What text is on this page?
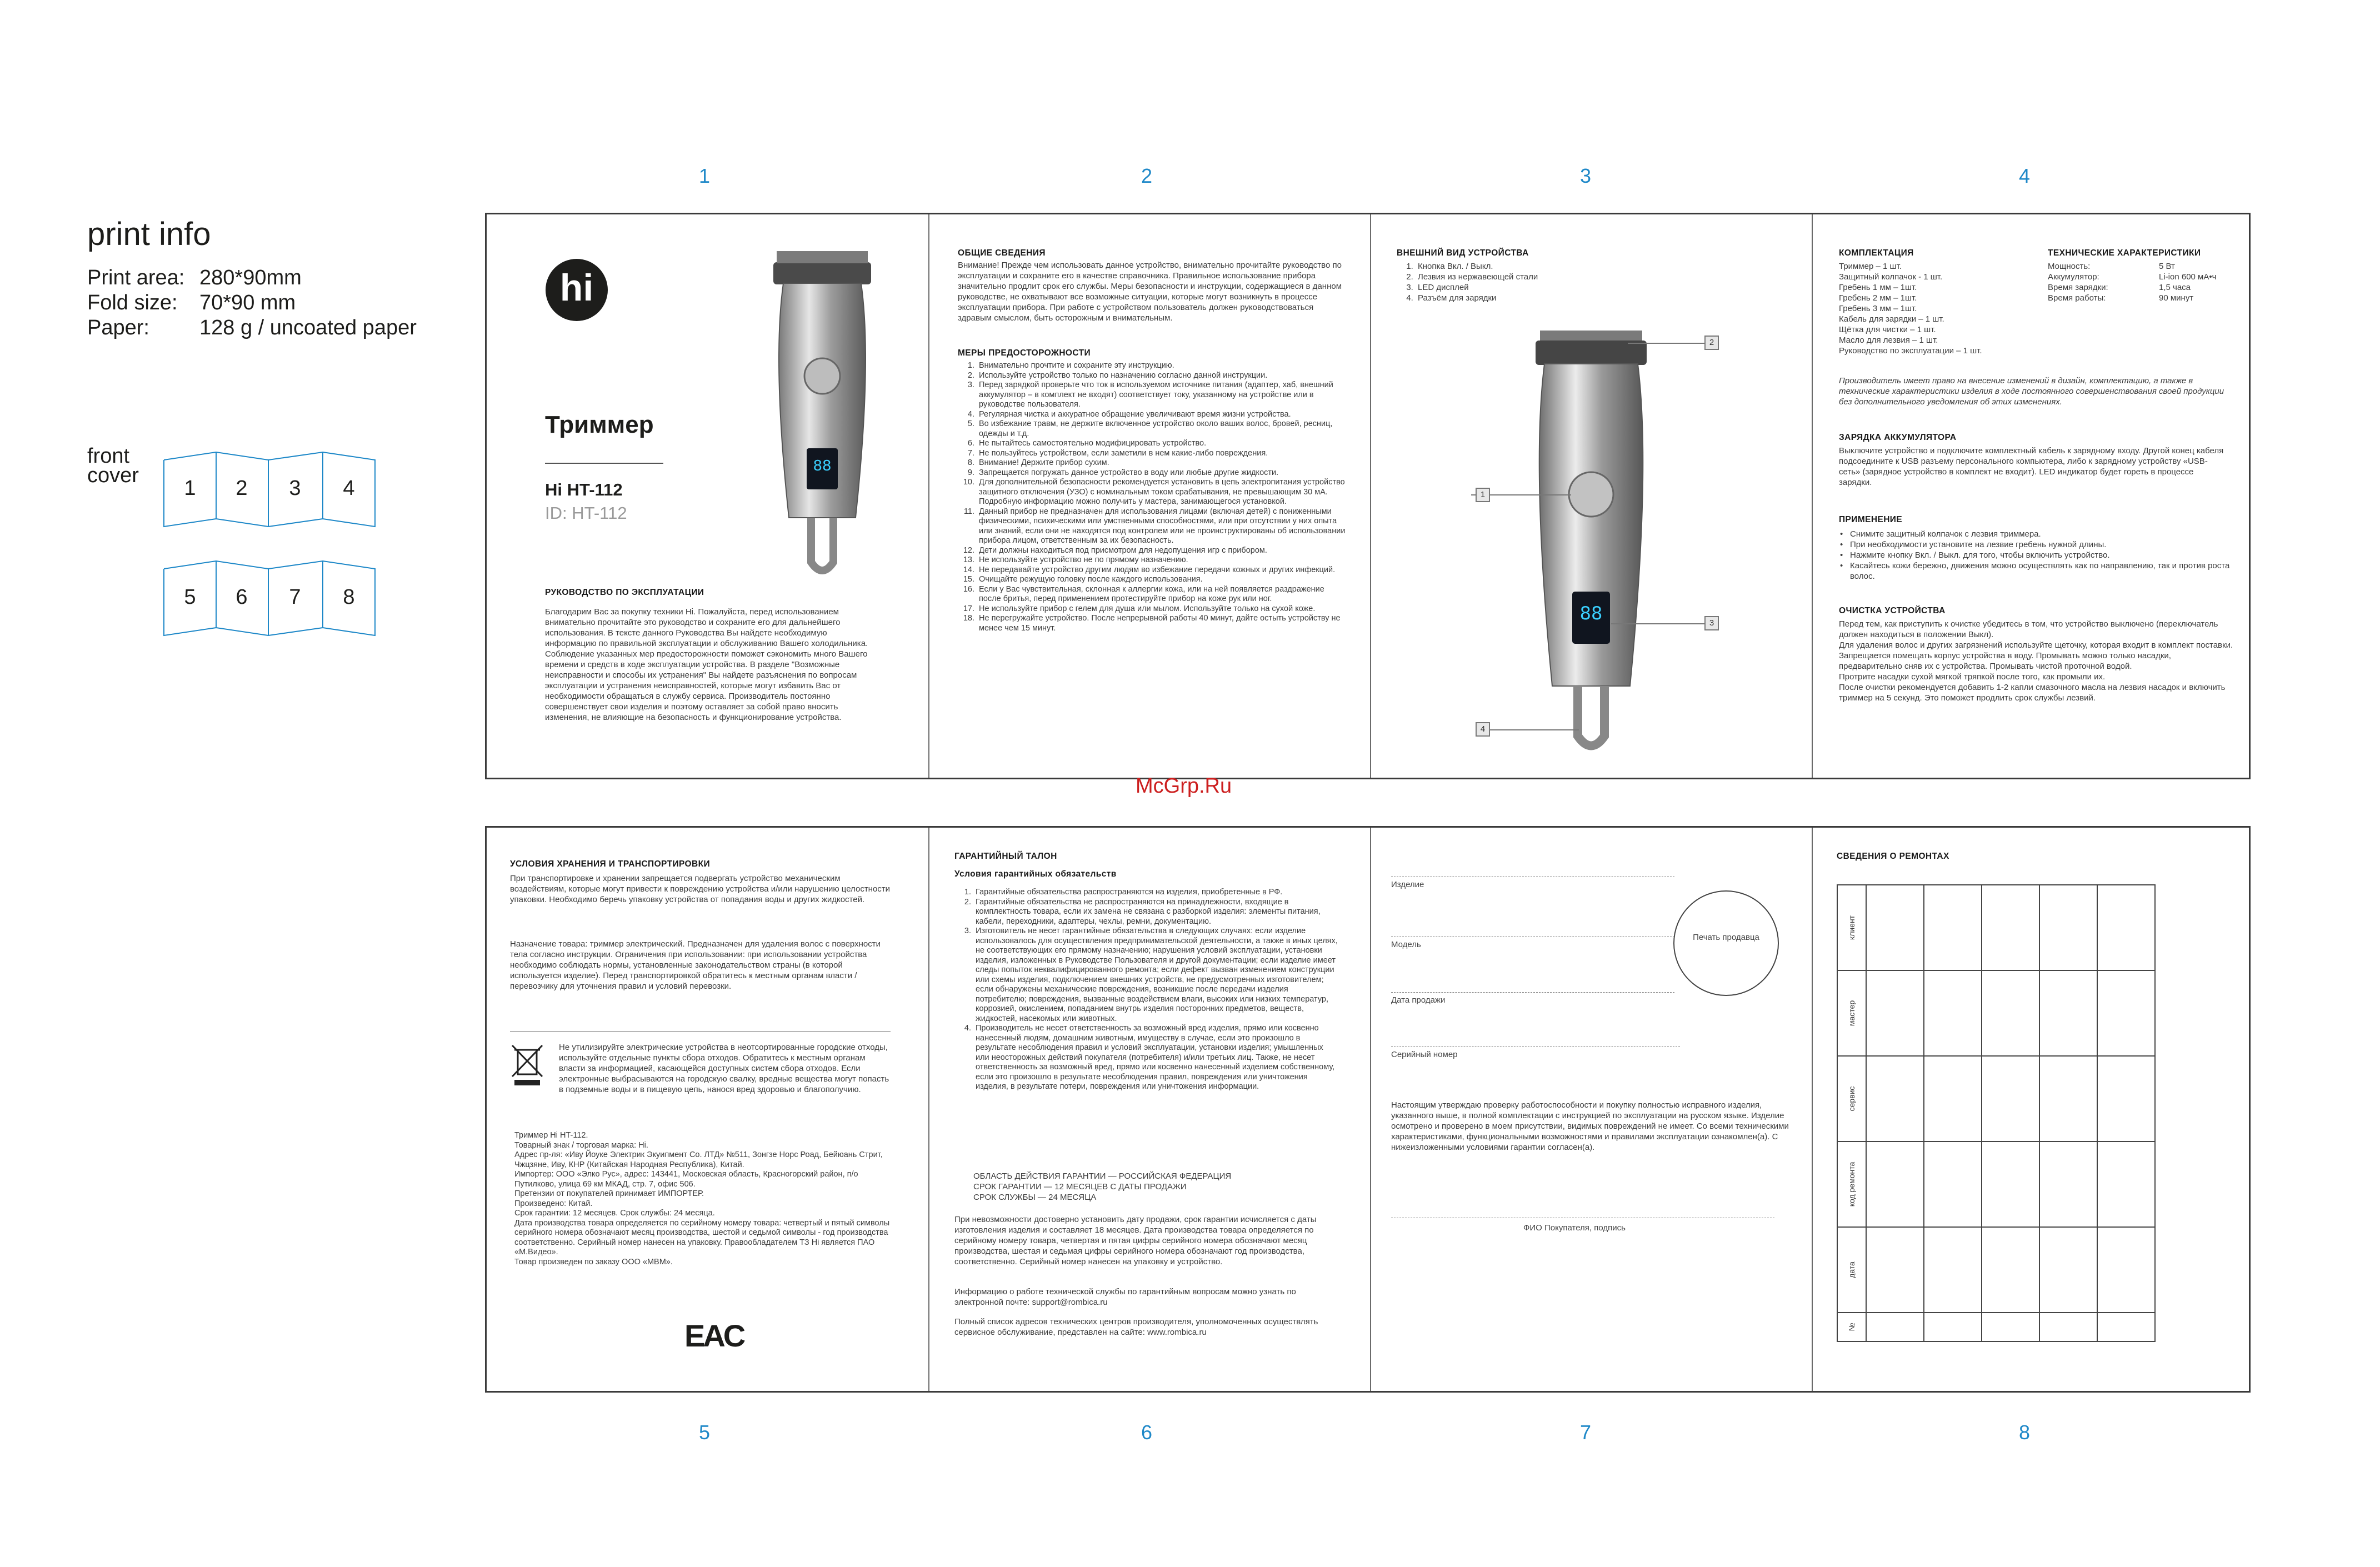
print info
Print area: 280*90mm
Fold size:	70*90 mm
Paper:	128 g / uncoated paper
front
cover
1 2 3 4
5 6 7 8
1	2	3	4
5	6	7	8
hi
Триммер
Hi HT-112
ID: HT-112
88
РУКОВОДСТВО ПО ЭКСПЛУАТАЦИИ
Благодарим Вас за покупку техники Hi. Пожалуйста, перед использованием внимательно прочитайте это руководство и сохраните его для дальнейшего использования. В тексте данного Руководства Вы найдете необходимую информацию по правильной эксплуатации и обслуживанию Вашего холодильника. Соблюдение указанных мер предосторожности поможет сэкономить много Вашего времени и средств в ходе эксплуатации устройства. В разделе "Возможные неисправности и способы их устранения" Вы найдете разъяснения по вопросам эксплуатации и устранения неисправностей, которые могут избавить Вас от необходимости обращаться в службу сервиса. Производитель постоянно совершенствует свои изделия и поэтому оставляет за собой право вносить изменения, не влияющие на безопасность и функционирование устройства.
ОБЩИЕ СВЕДЕНИЯ
Внимание! Прежде чем использовать данное устройство, внимательно прочитайте руководство по эксплуатации и сохраните его в качестве справочника. Правильное использование прибора значительно продлит срок его службы. Меры безопасности и инструкции, содержащиеся в данном руководстве, не охватывают все возможные ситуации, которые могут возникнуть в процессе эксплуатации прибора. При работе с устройством пользователь должен руководствоваться здравым смыслом, быть осторожным и внимательным.
МЕРЫ ПРЕДОСТОРОЖНОСТИ
1. Внимательно прочтите и сохраните эту инструкцию.
2. Используйте устройство только по назначению согласно данной инструкции.
3. Перед зарядкой проверьте что ток в используемом источнике питания (адаптер, хаб, внешний аккумулятор – в комплект не входят) соответствует току, указанному на устройстве или в руководстве пользователя.
4. Регулярная чистка и аккуратное обращение увеличивают время жизни устройства.
5. Во избежание травм, не держите включенное устройство около ваших волос, бровей, ресниц, одежды и т.д.
6. Не пытайтесь самостоятельно модифицировать устройство.
7. Не пользуйтесь устройством, если заметили в нем какие-либо повреждения.
8. Внимание! Держите прибор сухим.
9. Запрещается погружать данное устройство в воду или любые другие жидкости.
10. Для дополнительной безопасности рекомендуется установить в цепь электропитания устройство защитного отключения (УЗО) с номинальным током срабатывания, не превышающим 30 мА. Подробную информацию можно получить у мастера, занимающегося установкой.
11. Данный прибор не предназначен для использования лицами (включая детей) с пониженными физическими, психическими или умственными способностями, или при отсутствии у них опыта или знаний, если они не находятся под контролем или не проинструктированы об использовании прибора лицом, ответственным за их безопасность.
12. Дети должны находиться под присмотром для недопущения игр с прибором.
13. Не используйте устройство не по прямому назначению.
14. Не передавайте устройство другим людям во избежание передачи кожных и других инфекций.
15. Очищайте режущую головку после каждого использования.
16. Если у Вас чувствительная, склонная к аллергии кожа, или на ней появляется раздражение после бритья, перед применением протестируйте прибор на коже рук или ног.
17. Не используйте прибор с гелем для душа или мылом. Используйте только на сухой коже.
18. Не перегружайте устройство. После непрерывной работы 40 минут, дайте остыть устройству не менее чем 15 минут.
ВНЕШНИЙ ВИД УСТРОЙСТВА
1. Кнопка Вкл. / Выкл.
2. Лезвия из нержавеющей стали
3. LED дисплей
4. Разъём для зарядки
88
1
2
3
4
КОМПЛЕКТАЦИЯ
Триммер – 1 шт.
Защитный колпачок - 1 шт.
Гребень 1 мм – 1шт.
Гребень 2 мм – 1шт.
Гребень 3 мм – 1шт.
Кабель для зарядки – 1 шт.
Щётка для чистки – 1 шт.
Масло для лезвия – 1 шт.
Руководство по эксплуатации – 1 шт.
ТЕХНИЧЕСКИЕ ХАРАКТЕРИСТИКИ
Мощность:	5 Вт
Аккумулятор:	Li-ion 600 мА•ч
Время зарядки:	1,5 часа
Время работы:	90 минут
Производитель имеет право на внесение изменений в дизайн, комплектацию, а также в технические характеристики изделия в ходе постоянного совершенствования своей продукции без дополнительного уведомления об этих изменениях.
ЗАРЯДКА АККУМУЛЯТОРА
Выключите устройство и подключите комплектный кабель к зарядному входу. Другой конец кабеля подсоедините к USB разъему персонального компьютера, либо к зарядному устройству «USB-сеть» (зарядное устройство в комплект не входит). LED индикатор будет гореть в процессе зарядки.
ПРИМЕНЕНИЕ
• Снимите защитный колпачок с лезвия триммера.
• При необходимости установите на лезвие гребень нужной длины.
• Нажмите кнопку Вкл. / Выкл. для того, чтобы включить устройство.
• Касайтесь кожи бережно, движения можно осуществлять как по направлению, так и против роста волос.
ОЧИСТКА УСТРОЙСТВА
Перед тем, как приступить к очистке убедитесь в том, что устройство выключено (переключатель должен находиться в положении Выкл).
Для удаления волос и других загрязнений используйте щеточку, которая входит в комплект поставки.
Запрещается помещать корпус устройства в воду. Промывать можно только насадки, предварительно сняв их с устройства. Промывать чистой проточной водой.
Протрите насадки сухой мягкой тряпкой после того, как промыли их.
После очистки рекомендуется добавить 1-2 капли смазочного масла на лезвия насадок и включить триммер на 5 секунд. Это поможет продлить срок службы лезвий.
McGrp.Ru
УСЛОВИЯ ХРАНЕНИЯ И ТРАНСПОРТИРОВКИ
При транспортировке и хранении запрещается подвергать устройство механическим воздействиям, которые могут привести к повреждению устройства и/или нарушению целостности упаковки. Необходимо беречь упаковку устройства от попадания воды и других жидкостей.
Назначение товара: триммер электрический. Предназначен для удаления волос с поверхности тела согласно инструкции. Ограничения при использовании: при использовании устройства необходимо соблюдать нормы, установленные законодательством страны (в которой используется изделие). Перед транспортировкой обратитесь к местным органам власти / перевозчику для уточнения правил и условий перевозки.
Не утилизируйте электрические устройства в неотсортированные городские отходы, используйте отдельные пункты сбора отходов. Обратитесь к местным органам власти за информацией, касающейся доступных систем сбора отходов. Если электронные выбрасываются на городскую свалку, вредные вещества могут попасть в подземные воды и в пищевую цепь, нанося вред здоровью и благополучию.
Триммер Hi HT-112.
Товарный знак / торговая марка: Hi.
Адрес пр-ля: «Иву Йоуке Электрик Экуипмент Со. ЛТД» №511, Зонгзе Норс Роад, Бейюань Стрит, Чжцзяне, Иву, КНР (Китайская Народная Республика), Китай.
Импортер: ООО «Элко Рус», адрес: 143441, Московская область, Красногорский район, п/о Путилково, улица 69 км МКАД, стр. 7, офис 506.
Претензии от покупателей принимает ИМПОРТЕР.
Произведено: Китай.
Срок гарантии: 12 месяцев. Срок службы: 24 месяца.
Дата производства товара определяется по серийному номеру товара: четвертый и пятый символы серийного номера обозначают месяц производства, шестой и седьмой символы - год производства соответственно. Серийный номер нанесен на упаковку. Правообладателем ТЗ Hi является ПАО «М.Видео».
Товар произведен по заказу ООО «МВМ».
EAC
ГАРАНТИЙНЫЙ ТАЛОН
Условия гарантийных обязательств
1. Гарантийные обязательства распространяются на изделия, приобретенные в РФ.
2. Гарантийные обязательства не распространяются на принадлежности, входящие в комплектность товара, если их замена не связана с разборкой изделия: элементы питания, кабели, переходники, адаптеры, чехлы, ремни, документацию.
3. Изготовитель не несет гарантийные обязательства в следующих случаях: если изделие использовалось для осуществления предпринимательской деятельности, а также в иных целях, не соответствующих его прямому назначению; нарушения условий эксплуатации, установки изделия, изложенных в Руководстве Пользователя и другой документации; если изделие имеет следы попыток неквалифицированного ремонта; если дефект вызван изменением конструкции или схемы изделия, подключением внешних устройств, не предусмотренных изготовителем; если обнаружены механические повреждения, возникшие после передачи изделия потребителю; повреждения, вызванные воздействием влаги, высоких или низких температур, коррозией, окислением, попаданием внутрь изделия посторонних предметов, веществ, жидкостей, насекомых или животных.
4. Производитель не несет ответственность за возможный вред изделия, прямо или косвенно нанесенный людям, домашним животным, имуществу в случае, если это произошло в результате несоблюдения правил и условий эксплуатации, установки изделия; умышленных или неосторожных действий покупателя (потребителя) и/или третьих лиц. Также, не несет ответственность за возможный вред, прямо или косвенно нанесенный изделием собственному, если это произошло в результате несоблюдения правил, повреждения или уничтожения изделия, в результате потери, повреждения или уничтожения информации.
ОБЛАСТЬ ДЕЙСТВИЯ ГАРАНТИИ — РОССИЙСКАЯ ФЕДЕРАЦИЯ
СРОК ГАРАНТИИ — 12 МЕСЯЦЕВ С ДАТЫ ПРОДАЖИ
СРОК СЛУЖБЫ — 24 МЕСЯЦА
При невозможности достоверно установить дату продажи, срок гарантии исчисляется с даты изготовления изделия и составляет 18 месяцев. Дата производства товара определяется по серийному номеру товара, четвертая и пятая цифры серийного номера обозначают месяц производства, шестая и седьмая цифры серийного номера обозначают год производства, соответственно. Серийный номер нанесен на упаковку и устройство.
Информацию о работе технической службы по гарантийным вопросам можно узнать по электронной почте: support@rombica.ru
Полный список адресов технических центров производителя, уполномоченных осуществлять сервисное обслуживание, представлен на сайте: www.rombica.ru
Изделие
Модель
Дата продажи
Серийный номер
Печать продавца
Настоящим утверждаю проверку работоспособности и покупку полностью исправного изделия, указанного выше, в полной комплектации с инструкцией по эксплуатации на русском языке. Изделие осмотрено и проверено в моем присутствии, видимых повреждений не имеет. Со всеми техническими характеристиками, функциональными возможностями и правилами эксплуатации ознакомлен(а). С нижеизложенными условиями гарантии согласен(а).
ФИО Покупателя, подпись
СВЕДЕНИЯ О РЕМОНТАХ
клиент					

мастер					

сервис					

код ремонта					

дата					

№					
